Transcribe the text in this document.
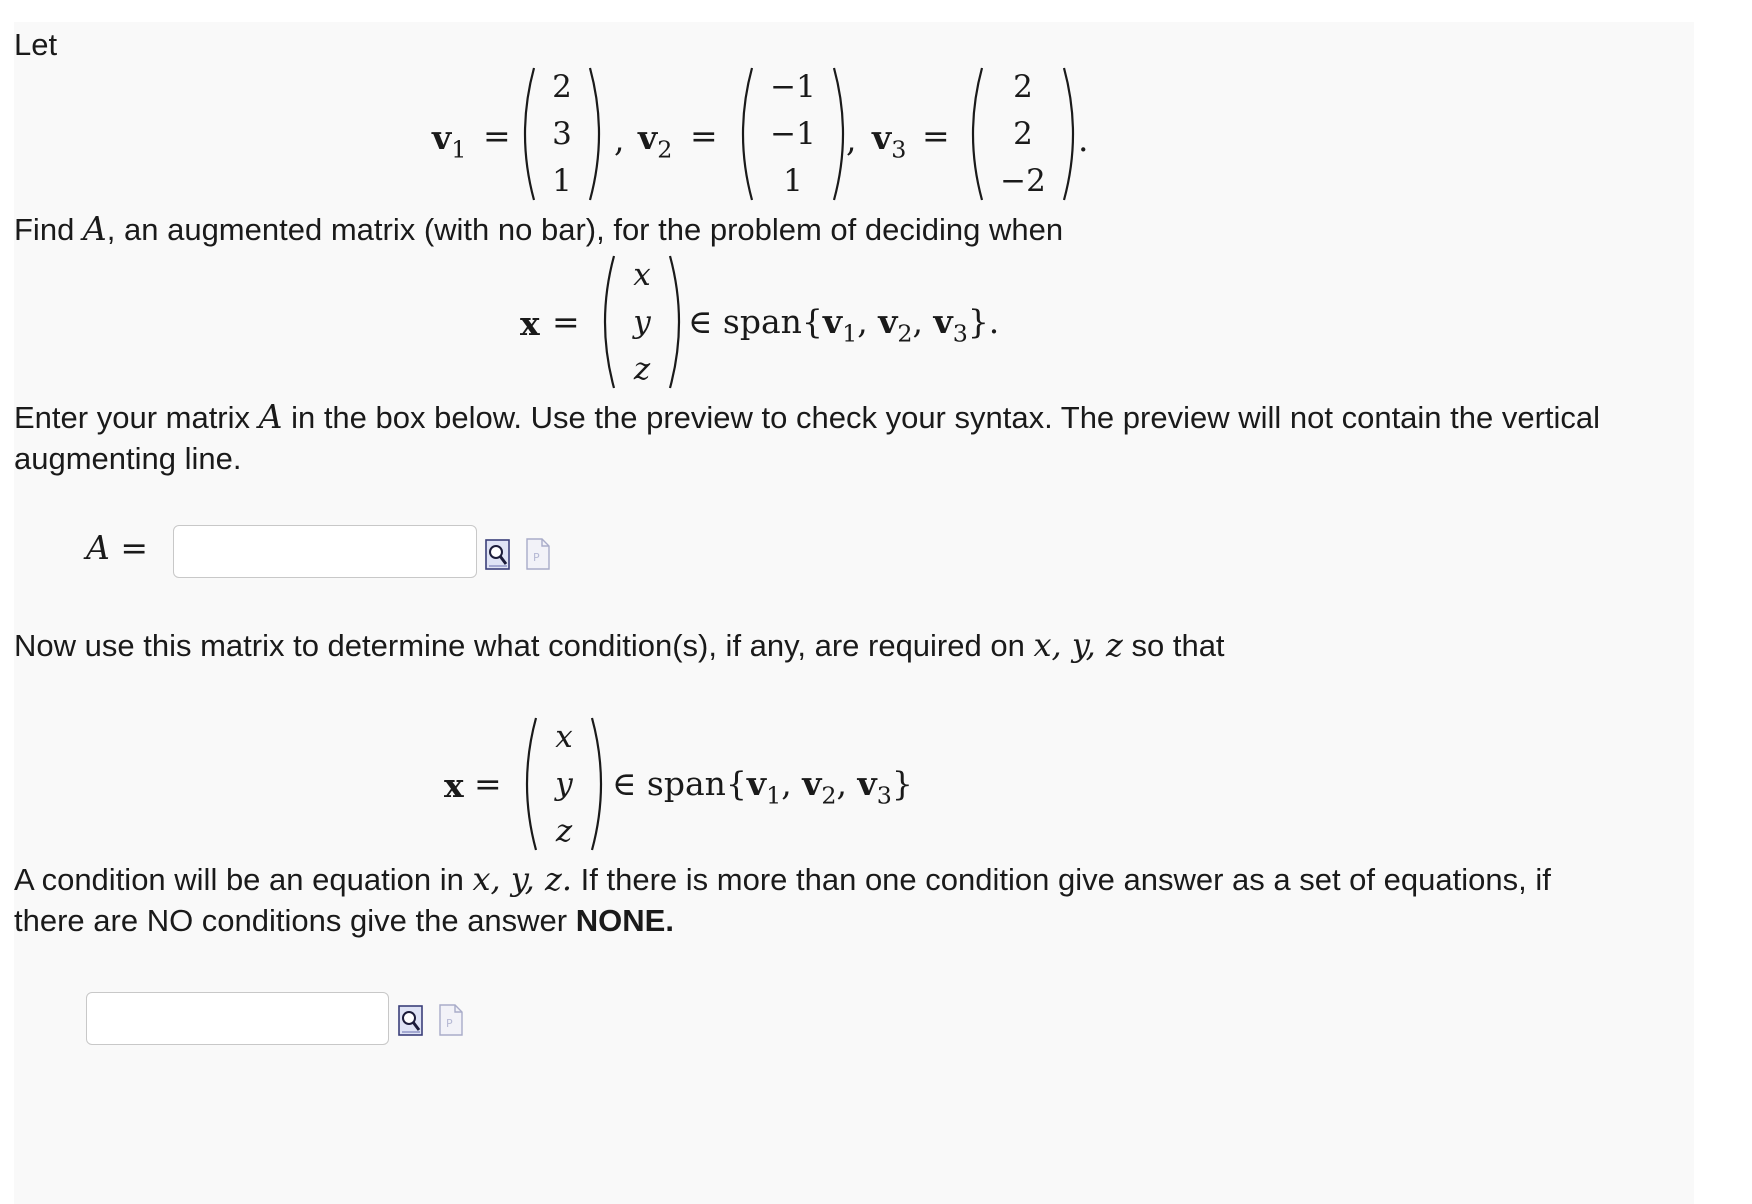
Let
$v_1$ =
2
3
1
, $v_2$ =
−1
−1
1
, $v_3$ =
2
2
−2
.
Find A, an augmented matrix (with no bar), for the problem of deciding when
x =
x
y
z
∈ $span\{v_1$, $v_2$, $v_3$}.
Enter your matrix A in the box below. Use the preview to check your syntax. The preview will not contain the vertical
augmenting line.
A =	P
Now use this matrix to determine what condition(s), if any, are required on x, y, z so that
x =
x
y
z
∈ $span\{v_1$, $v_2$, $v_3$}
A condition will be an equation in x, y, z. If there is more than one condition give answer as a set of equations, if
there are NO conditions give the answer NONE.
P
